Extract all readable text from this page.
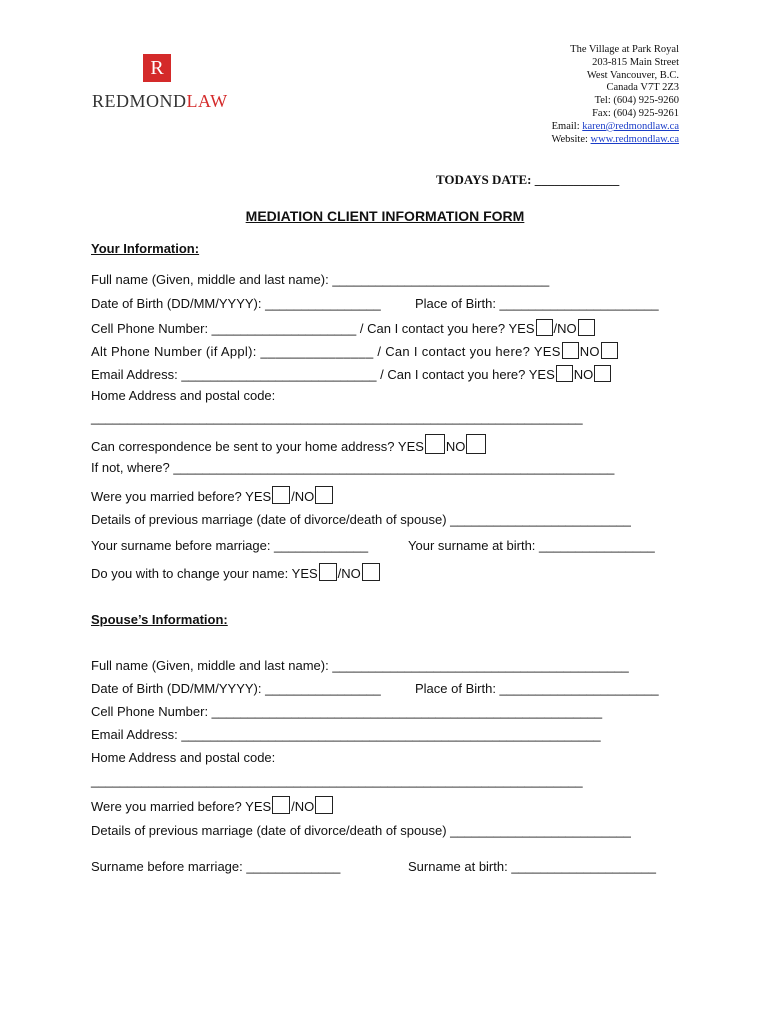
R
REDMONDLAW
The Village at Park Royal
203-815 Main Street
West Vancouver, B.C.
Canada V7T 2Z3
Tel: (604) 925-9260
Fax: (604) 925-9261
Email: karen@redmondlaw.ca
Website: www.redmondlaw.ca
TODAYS DATE: _____________
MEDIATION CLIENT INFORMATION FORM
Your Information:
Full name (Given, middle and last name): ______________________________
Date of Birth (DD/MM/YYYY): ________________	Place of Birth: ______________________
Cell Phone Number: ____________________ / Can I contact you here? YES /NO
Alt Phone Number (if Appl): _______________ / Can I contact you here? YES NO
Email Address: ___________________________ / Can I contact you here? YES NO
Home Address and postal code:
____________________________________________________________________
Can correspondence be sent to your home address? YES NO
If not, where? _____________________________________________________________
Were you married before? YES /NO
Details of previous marriage (date of divorce/death of spouse) _________________________
Your surname before marriage: _____________	Your surname at birth: ________________
Do you with to change your name: YES /NO
Spouse’s Information:
Full name (Given, middle and last name): _________________________________________
Date of Birth (DD/MM/YYYY): ________________	Place of Birth: ______________________
Cell Phone Number: ______________________________________________________
Email Address: __________________________________________________________
Home Address and postal code:
____________________________________________________________________
Were you married before? YES /NO
Details of previous marriage (date of divorce/death of spouse) _________________________
Surname before marriage: _____________	Surname at birth: ____________________
